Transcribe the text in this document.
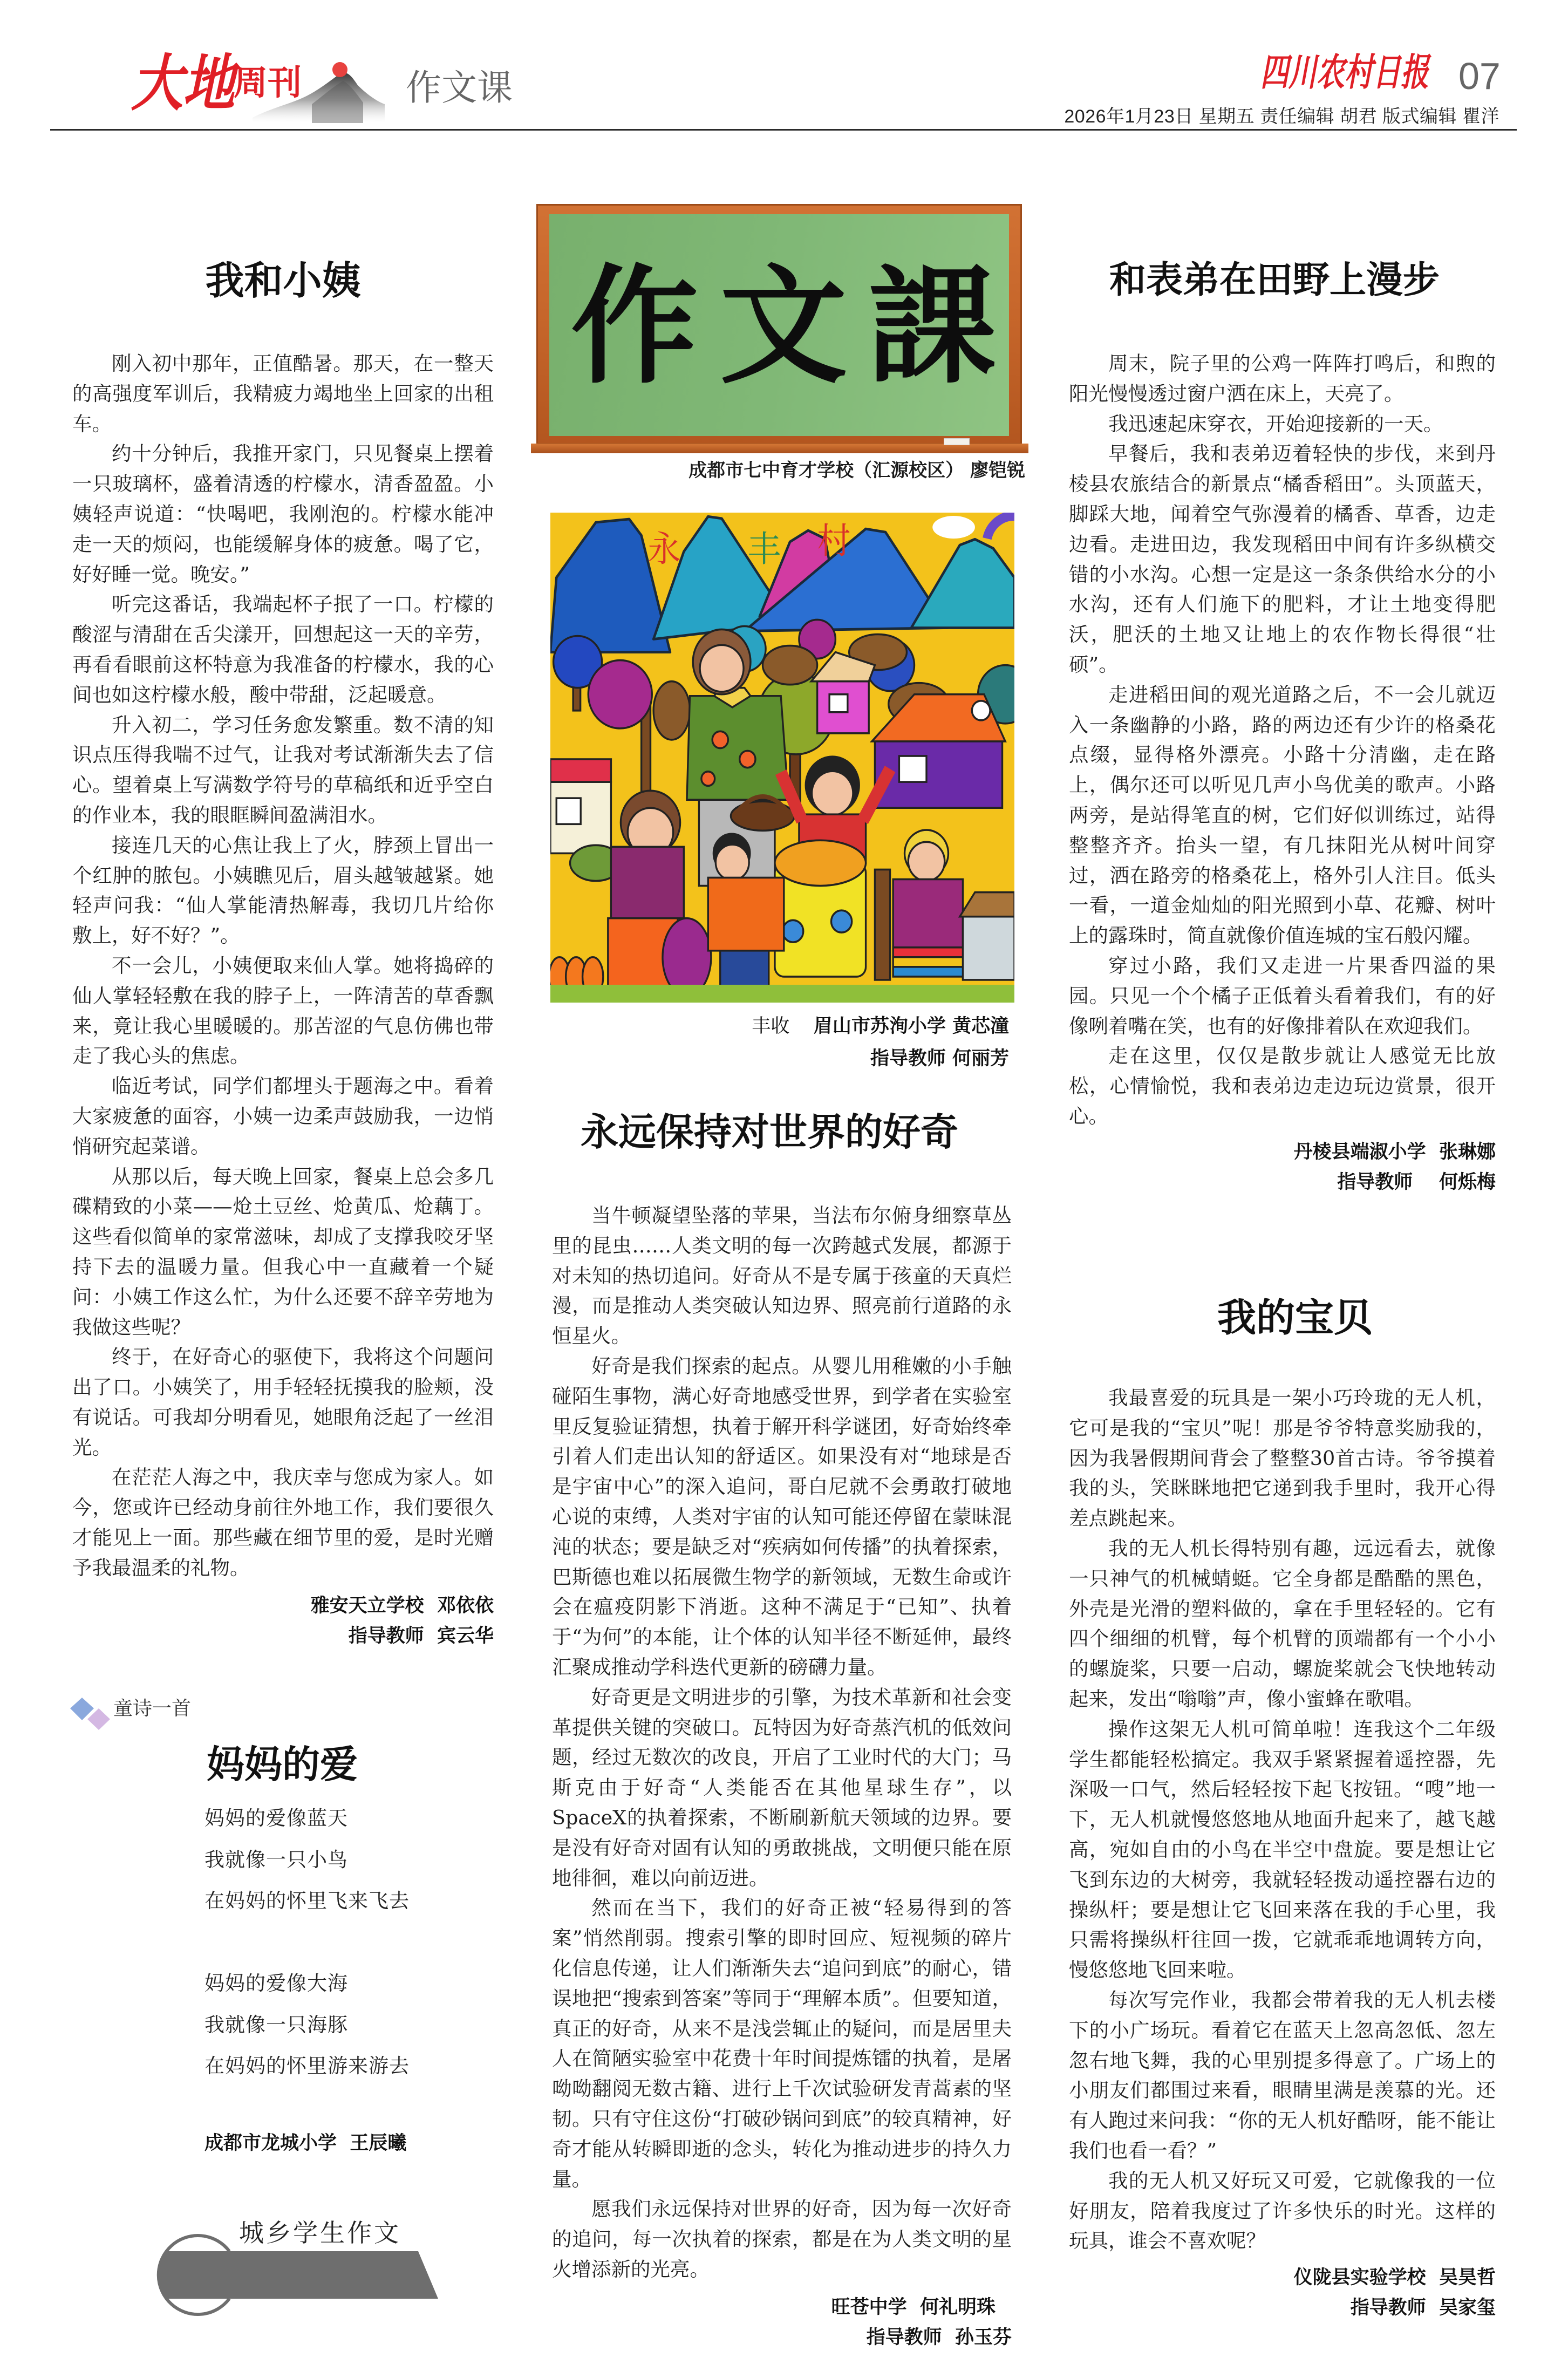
大地
周刊	作文课	四川农村日报 07
2026年1月23日 星期五 责任编辑 胡君 版式编辑 瞿洋
我和小姨

刚入初中那年，正值酷暑。那天，在一整天的高强度军训后，我精疲力竭地坐上回家的出租车。

约十分钟后，我推开家门，只见餐桌上摆着一只玻璃杯，盛着清透的柠檬水，清香盈盈。小姨轻声说道：“快喝吧，我刚泡的。柠檬水能冲走一天的烦闷，也能缓解身体的疲惫。喝了它，好好睡一觉。晚安。”

听完这番话，我端起杯子抿了一口。柠檬的酸涩与清甜在舌尖漾开，回想起这一天的辛劳，再看看眼前这杯特意为我准备的柠檬水，我的心间也如这柠檬水般，酸中带甜，泛起暖意。

升入初二，学习任务愈发繁重。数不清的知识点压得我喘不过气，让我对考试渐渐失去了信心。望着桌上写满数学符号的草稿纸和近乎空白的作业本，我的眼眶瞬间盈满泪水。

接连几天的心焦让我上了火，脖颈上冒出一个红肿的脓包。小姨瞧见后，眉头越皱越紧。她轻声问我：“仙人掌能清热解毒，我切几片给你敷上，好不好？”。

不一会儿，小姨便取来仙人掌。她将捣碎的仙人掌轻轻敷在我的脖子上，一阵清苦的草香飘来，竟让我心里暖暖的。那苦涩的气息仿佛也带走了我心头的焦虑。

临近考试，同学们都埋头于题海之中。看着大家疲惫的面容，小姨一边柔声鼓励我，一边悄悄研究起菜谱。

从那以后，每天晚上回家，餐桌上总会多几碟精致的小菜——炝土豆丝、炝黄瓜、炝藕丁。这些看似简单的家常滋味，却成了支撑我咬牙坚持下去的温暖力量。但我心中一直藏着一个疑问：小姨工作这么忙，为什么还要不辞辛劳地为我做这些呢？

终于，在好奇心的驱使下，我将这个问题问出了口。小姨笑了，用手轻轻抚摸我的脸颊，没有说话。可我却分明看见，她眼角泛起了一丝泪光。

在茫茫人海之中，我庆幸与您成为家人。如今，您或许已经动身前往外地工作，我们要很久才能见上一面。那些藏在细节里的爱，是时光赠予我最温柔的礼物。

雅安天立学校  邓依依
指导教师  宾云华
童诗一首
妈妈的爱
妈妈的爱像蓝天
我就像一只小鸟
在妈妈的怀里飞来飞去
妈妈的爱像大海
我就像一只海豚
在妈妈的怀里游来游去
成都市龙城小学  王辰曦
城乡学生作文
作文課
成都市七中育才学校（汇源校区） 廖铠锐
永 丰 村
丰收 眉山市苏洵小学 黄芯潼
指导教师 何丽芳
永远保持对世界的好奇

当牛顿凝望坠落的苹果，当法布尔俯身细察草丛里的昆虫……人类文明的每一次跨越式发展，都源于对未知的热切追问。好奇从不是专属于孩童的天真烂漫，而是推动人类突破认知边界、照亮前行道路的永恒星火。

好奇是我们探索的起点。从婴儿用稚嫩的小手触碰陌生事物，满心好奇地感受世界，到学者在实验室里反复验证猜想，执着于解开科学谜团，好奇始终牵引着人们走出认知的舒适区。如果没有对“地球是否是宇宙中心”的深入追问，哥白尼就不会勇敢打破地心说的束缚，人类对宇宙的认知可能还停留在蒙昧混沌的状态；要是缺乏对“疾病如何传播”的执着探索，巴斯德也难以拓展微生物学的新领域，无数生命或许会在瘟疫阴影下消逝。这种不满足于“已知”、执着于“为何”的本能，让个体的认知半径不断延伸，最终汇聚成推动学科迭代更新的磅礴力量。

好奇更是文明进步的引擎，为技术革新和社会变革提供关键的突破口。瓦特因为好奇蒸汽机的低效问题，经过无数次的改良，开启了工业时代的大门；马斯克由于好奇“人类能否在其他星球生存”，以SpaceX的执着探索，不断刷新航天领域的边界。要是没有好奇对固有认知的勇敢挑战，文明便只能在原地徘徊，难以向前迈进。

然而在当下，我们的好奇正被“轻易得到的答案”悄然削弱。搜索引擎的即时回应、短视频的碎片化信息传递，让人们渐渐失去“追问到底”的耐心，错误地把“搜索到答案”等同于“理解本质”。但要知道，真正的好奇，从来不是浅尝辄止的疑问，而是居里夫人在简陋实验室中花费十年时间提炼镭的执着，是屠呦呦翻阅无数古籍、进行上千次试验研发青蒿素的坚韧。只有守住这份“打破砂锅问到底”的较真精神，好奇才能从转瞬即逝的念头，转化为推动进步的持久力量。

愿我们永远保持对世界的好奇，因为每一次好奇的追问，每一次执着的探索，都是在为人类文明的星火增添新的光亮。

旺苍中学  何礼明珠
指导教师  孙玉芬
和表弟在田野上漫步

周末，院子里的公鸡一阵阵打鸣后，和煦的阳光慢慢透过窗户洒在床上，天亮了。

我迅速起床穿衣，开始迎接新的一天。

早餐后，我和表弟迈着轻快的步伐，来到丹棱县农旅结合的新景点“橘香稻田”。头顶蓝天，脚踩大地，闻着空气弥漫着的橘香、草香，边走边看。走进田边，我发现稻田中间有许多纵横交错的小水沟。心想一定是这一条条供给水分的小水沟，还有人们施下的肥料，才让土地变得肥沃，肥沃的土地又让地上的农作物长得很“壮硕”。

走进稻田间的观光道路之后，不一会儿就迈入一条幽静的小路，路的两边还有少许的格桑花点缀，显得格外漂亮。小路十分清幽，走在路上，偶尔还可以听见几声小鸟优美的歌声。小路两旁，是站得笔直的树，它们好似训练过，站得整整齐齐。抬头一望，有几抹阳光从树叶间穿过，洒在路旁的格桑花上，格外引人注目。低头一看，一道金灿灿的阳光照到小草、花瓣、树叶上的露珠时，简直就像价值连城的宝石般闪耀。

穿过小路，我们又走进一片果香四溢的果园。只见一个个橘子正低着头看着我们，有的好像咧着嘴在笑，也有的好像排着队在欢迎我们。

走在这里，仅仅是散步就让人感觉无比放松，心情愉悦，我和表弟边走边玩边赏景，很开心。

丹棱县端淑小学  张琳娜
指导教师    何烁梅
我的宝贝

我最喜爱的玩具是一架小巧玲珑的无人机，它可是我的“宝贝”呢！那是爷爷特意奖励我的，因为我暑假期间背会了整整30首古诗。爷爷摸着我的头，笑眯眯地把它递到我手里时，我开心得差点跳起来。

我的无人机长得特别有趣，远远看去，就像一只神气的机械蜻蜓。它全身都是酷酷的黑色，外壳是光滑的塑料做的，拿在手里轻轻的。它有四个细细的机臂，每个机臂的顶端都有一个小小的螺旋桨，只要一启动，螺旋桨就会飞快地转动起来，发出“嗡嗡”声，像小蜜蜂在歌唱。

操作这架无人机可简单啦！连我这个二年级学生都能轻松搞定。我双手紧紧握着遥控器，先深吸一口气，然后轻轻按下起飞按钮。“嗖”地一下，无人机就慢悠悠地从地面升起来了，越飞越高，宛如自由的小鸟在半空中盘旋。要是想让它飞到东边的大树旁，我就轻轻拨动遥控器右边的操纵杆；要是想让它飞回来落在我的手心里，我只需将操纵杆往回一拨，它就乖乖地调转方向，慢悠悠地飞回来啦。

每次写完作业，我都会带着我的无人机去楼下的小广场玩。看着它在蓝天上忽高忽低、忽左忽右地飞舞，我的心里别提多得意了。广场上的小朋友们都围过来看，眼睛里满是羡慕的光。还有人跑过来问我：“你的无人机好酷呀，能不能让我们也看一看？”

我的无人机又好玩又可爱，它就像我的一位好朋友，陪着我度过了许多快乐的时光。这样的玩具，谁会不喜欢呢？

仪陇县实验学校  吴昊哲
指导教师  吴家玺
